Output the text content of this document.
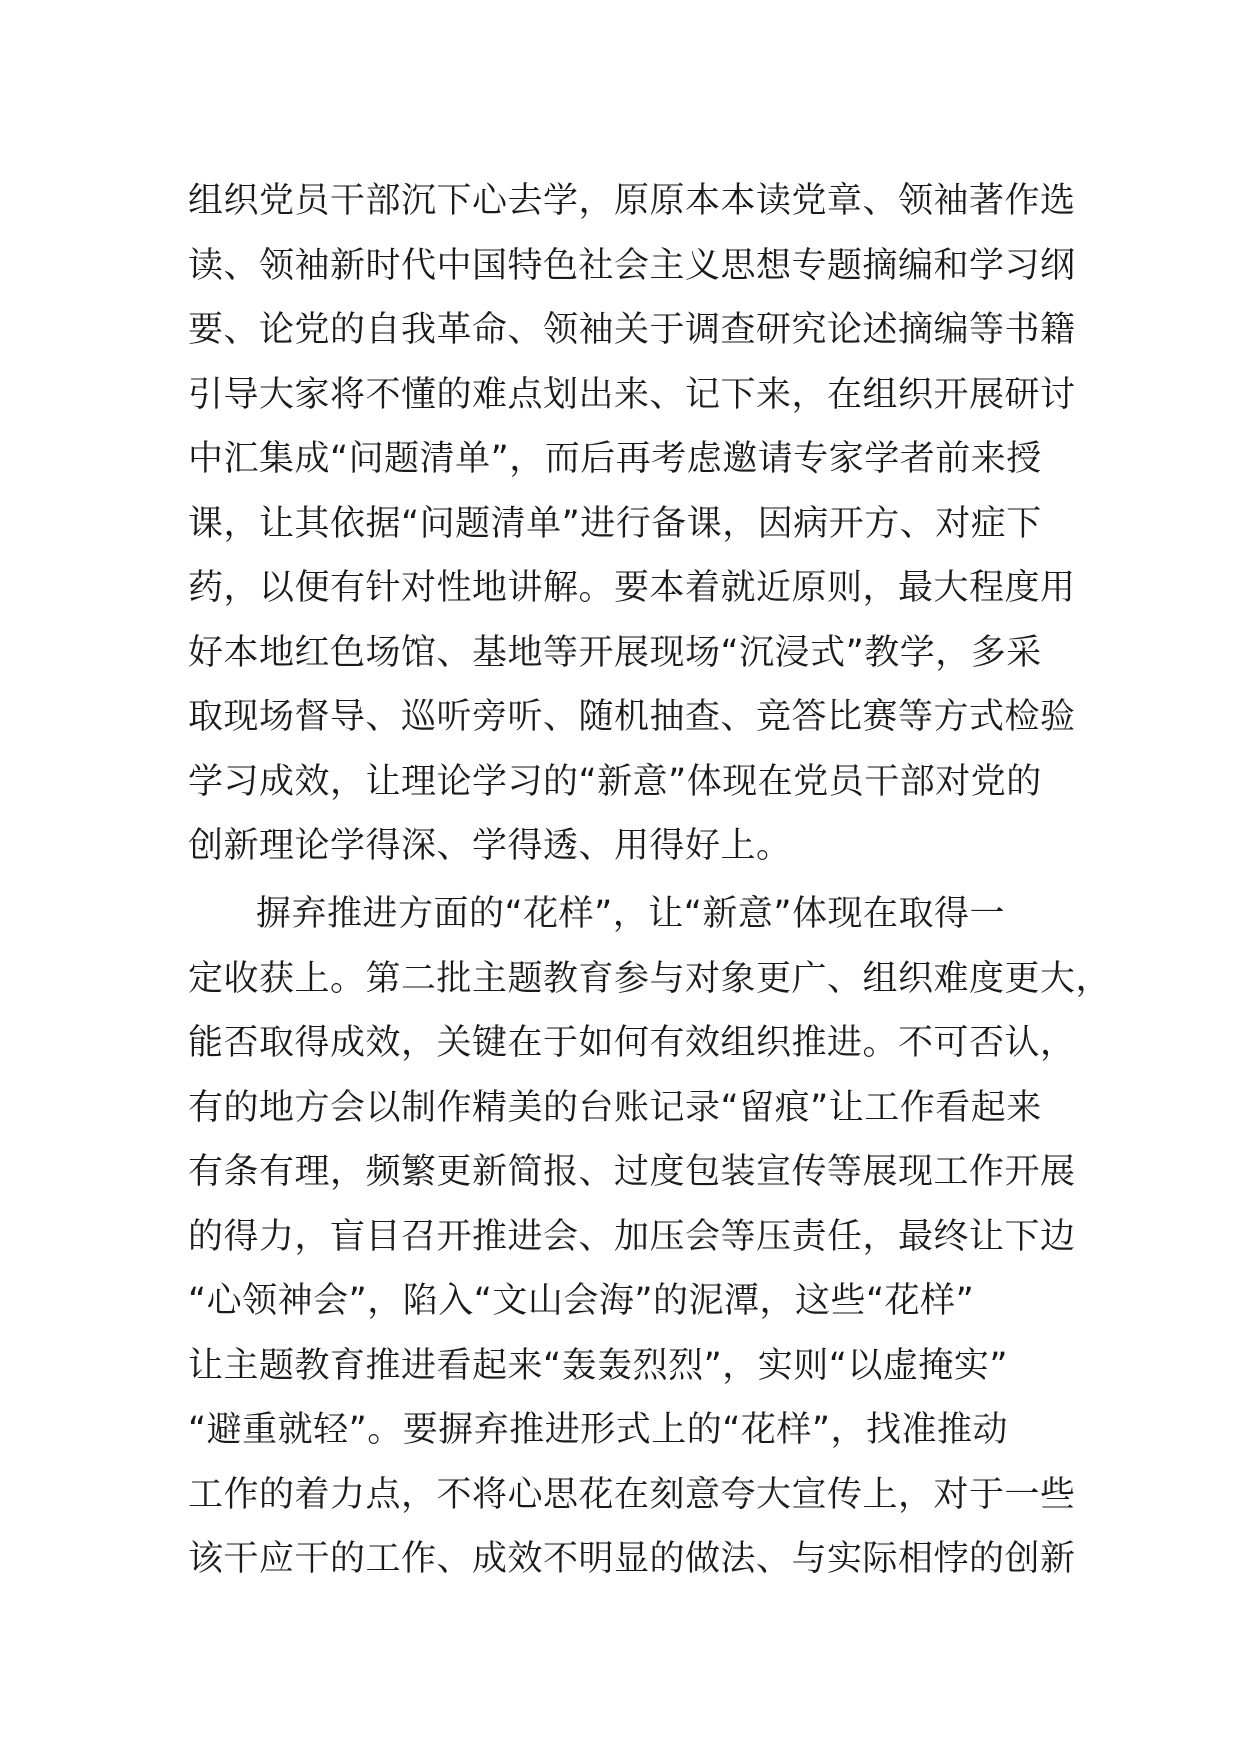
组织党员干部沉下心去学，原原本本读党章、领袖著作选
读、领袖新时代中国特色社会主义思想专题摘编和学习纲
要、论党的自我革命、领袖关于调查研究论述摘编等书籍
引导大家将不懂的难点划出来、记下来，在组织开展研讨
中汇集成“问题清单”，而后再考虑邀请专家学者前来授
课，让其依据“问题清单”进行备课，因病开方、对症下
药，以便有针对性地讲解。要本着就近原则，最大程度用
好本地红色场馆、基地等开展现场“沉浸式”教学，多采
取现场督导、巡听旁听、随机抽查、竞答比赛等方式检验
学习成效，让理论学习的“新意”体现在党员干部对党的
创新理论学得深、学得透、用得好上。
摒弃推进方面的“花样”，让“新意”体现在取得一
定收获上。第二批主题教育参与对象更广、组织难度更大，
能否取得成效，关键在于如何有效组织推进。不可否认，
有的地方会以制作精美的台账记录“留痕”让工作看起来
有条有理，频繁更新简报、过度包装宣传等展现工作开展
的得力，盲目召开推进会、加压会等压责任，最终让下边
“心领神会”，陷入“文山会海”的泥潭，这些“花样”
让主题教育推进看起来“轰轰烈烈”，实则“以虚掩实”
“避重就轻”。要摒弃推进形式上的“花样”，找准推动
工作的着力点，不将心思花在刻意夸大宣传上，对于一些
该干应干的工作、成效不明显的做法、与实际相悖的创新
